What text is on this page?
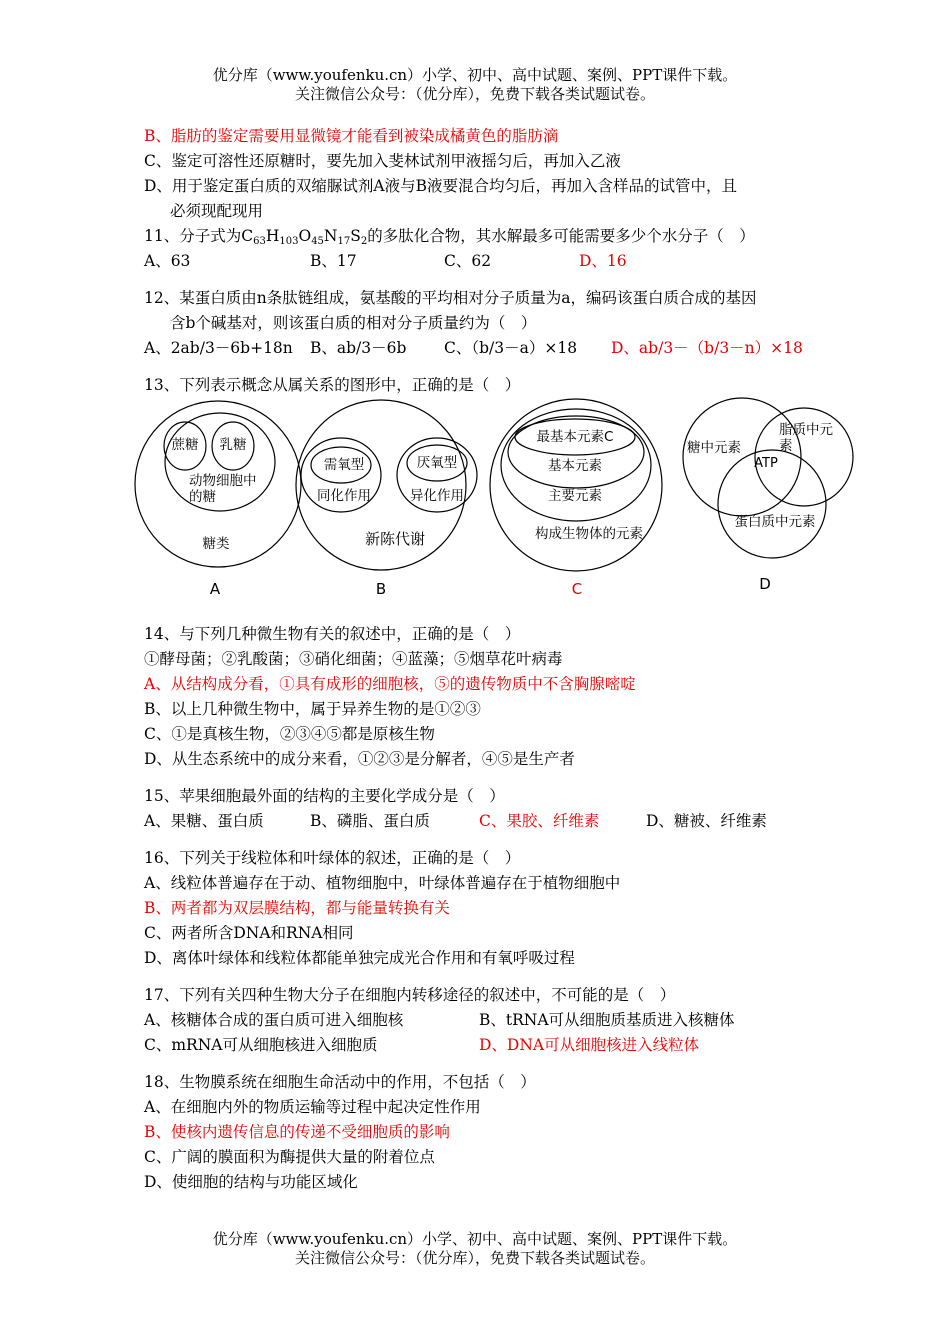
优分库（www.youfenku.cn）小学、初中、高中试题、案例、PPT课件下载。
关注微信公众号：（优分库），免费下载各类试题试卷。
B、脂肪的鉴定需要用显微镜才能看到被染成橘黄色的脂肪滴
C、鉴定可溶性还原糖时，要先加入斐林试剂甲液摇匀后，再加入乙液
D、用于鉴定蛋白质的双缩脲试剂A液与B液要混合均匀后，再加入含样品的试管中，且
必须现配现用
11、分子式为$C_{63}H_{103}O_{45}N_{17}S_2$的多肽化合物，其水解最多可能需要多少个水分子（　）
A、63	B、17	C、62	D、16
12、某蛋白质由n条肽链组成，氨基酸的平均相对分子质量为a，编码该蛋白质合成的基因
含b个碱基对，则该蛋白质的相对分子质量约为（　）
A、2ab/3－6b+18n B、ab/3－6b C、（b/3－a）×18 D、ab/3－（b/3－n）×18
13、下列表示概念从属关系的图形中，正确的是（　）
蔗糖 乳糖
动物细胞中
的糖
糖类
A
需氧型
同化作用
厌氧型
异化作用
新陈代谢
B
最基本元素C
基本元素
主要元素
构成生物体的元素
C
糖中元素
脂质中元
素
ATP
蛋白质中元素
D
14、与下列几种微生物有关的叙述中，正确的是（　）
①酵母菌；②乳酸菌；③硝化细菌；④蓝藻；⑤烟草花叶病毒
A、从结构成分看，①具有成形的细胞核，⑤的遗传物质中不含胸腺嘧啶
B、以上几种微生物中，属于异养生物的是①②③
C、①是真核生物，②③④⑤都是原核生物
D、从生态系统中的成分来看，①②③是分解者，④⑤是生产者
15、苹果细胞最外面的结构的主要化学成分是（　）
A、果糖、蛋白质	B、磷脂、蛋白质	C、果胶、纤维素	D、糖被、纤维素
16、下列关于线粒体和叶绿体的叙述，正确的是（　）
A、线粒体普遍存在于动、植物细胞中，叶绿体普遍存在于植物细胞中
B、两者都为双层膜结构，都与能量转换有关
C、两者所含DNA和RNA相同
D、离体叶绿体和线粒体都能单独完成光合作用和有氧呼吸过程
17、下列有关四种生物大分子在细胞内转移途径的叙述中，不可能的是（　）
A、核糖体合成的蛋白质可进入细胞核	B、tRNA可从细胞质基质进入核糖体
C、mRNA可从细胞核进入细胞质	D、DNA可从细胞核进入线粒体
18、生物膜系统在细胞生命活动中的作用，不包括（　）
A、在细胞内外的物质运输等过程中起决定性作用
B、使核内遗传信息的传递不受细胞质的影响
C、广阔的膜面积为酶提供大量的附着位点
D、使细胞的结构与功能区域化
优分库（www.youfenku.cn）小学、初中、高中试题、案例、PPT课件下载。
关注微信公众号：（优分库），免费下载各类试题试卷。
